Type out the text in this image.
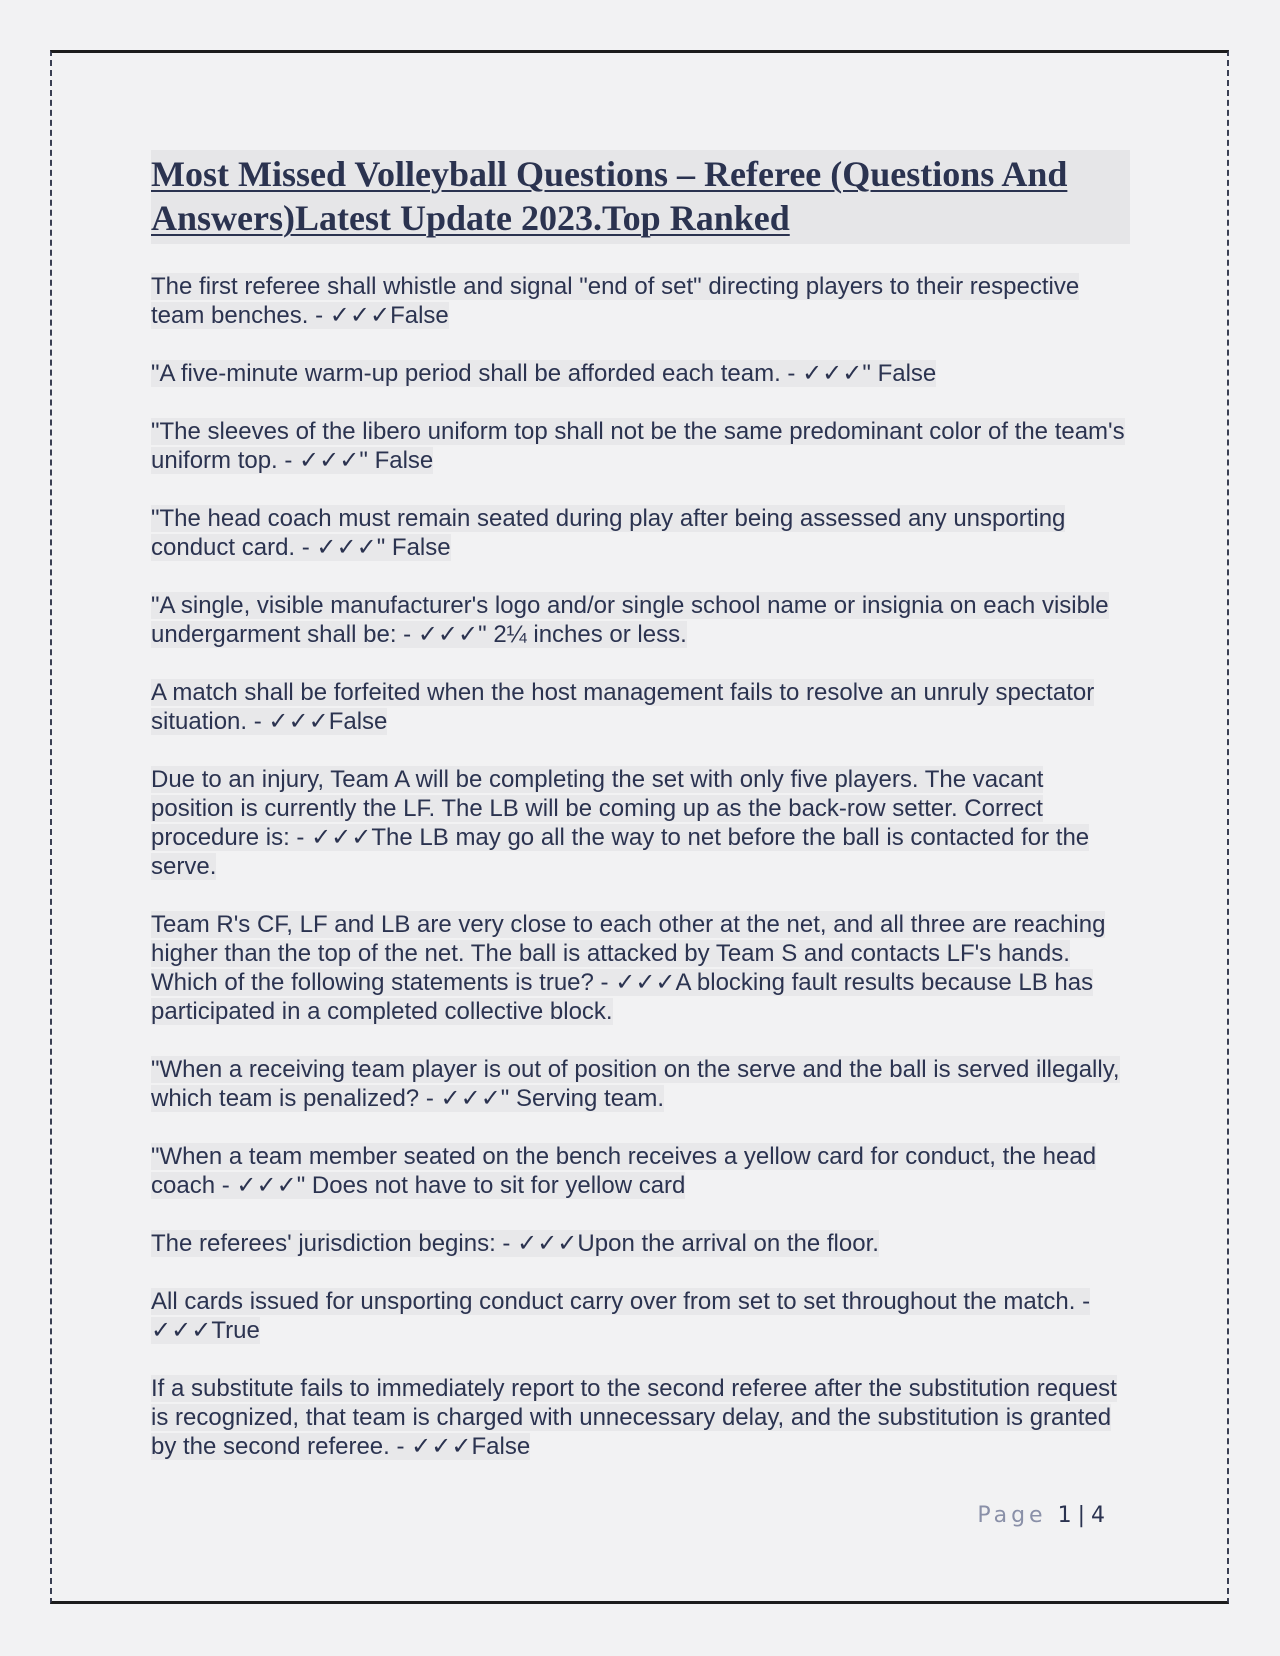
Most Missed Volleyball Questions – Referee (Questions And Answers)Latest Update 2023.Top Ranked

The first referee shall whistle and signal "end of set" directing players to their respective team benches. - ✓✓✓False

"A five-minute warm-up period shall be afforded each team. - ✓✓✓" False

"The sleeves of the libero uniform top shall not be the same predominant color of the team's uniform top. - ✓✓✓" False

"The head coach must remain seated during play after being assessed any unsporting conduct card. - ✓✓✓" False

"A single, visible manufacturer's logo and/or single school name or insignia on each visible undergarment shall be: - ✓✓✓" 2¼ inches or less.

A match shall be forfeited when the host management fails to resolve an unruly spectator situation. - ✓✓✓False

Due to an injury, Team A will be completing the set with only five players. The vacant position is currently the LF. The LB will be coming up as the back-row setter. Correct procedure is: - ✓✓✓The LB may go all the way to net before the ball is contacted for the serve.

Team R's CF, LF and LB are very close to each other at the net, and all three are reaching higher than the top of the net. The ball is attacked by Team S and contacts LF's hands. Which of the following statements is true? - ✓✓✓A blocking fault results because LB has participated in a completed collective block.

"When a receiving team player is out of position on the serve and the ball is served illegally, which team is penalized? - ✓✓✓" Serving team.

"When a team member seated on the bench receives a yellow card for conduct, the head coach - ✓✓✓" Does not have to sit for yellow card

The referees' jurisdiction begins: - ✓✓✓Upon the arrival on the floor.

All cards issued for unsporting conduct carry over from set to set throughout the match. - ✓✓✓True

If a substitute fails to immediately report to the second referee after the substitution request is recognized, that team is charged with unnecessary delay, and the substitution is granted by the second referee. - ✓✓✓False

Page 1 | 4
